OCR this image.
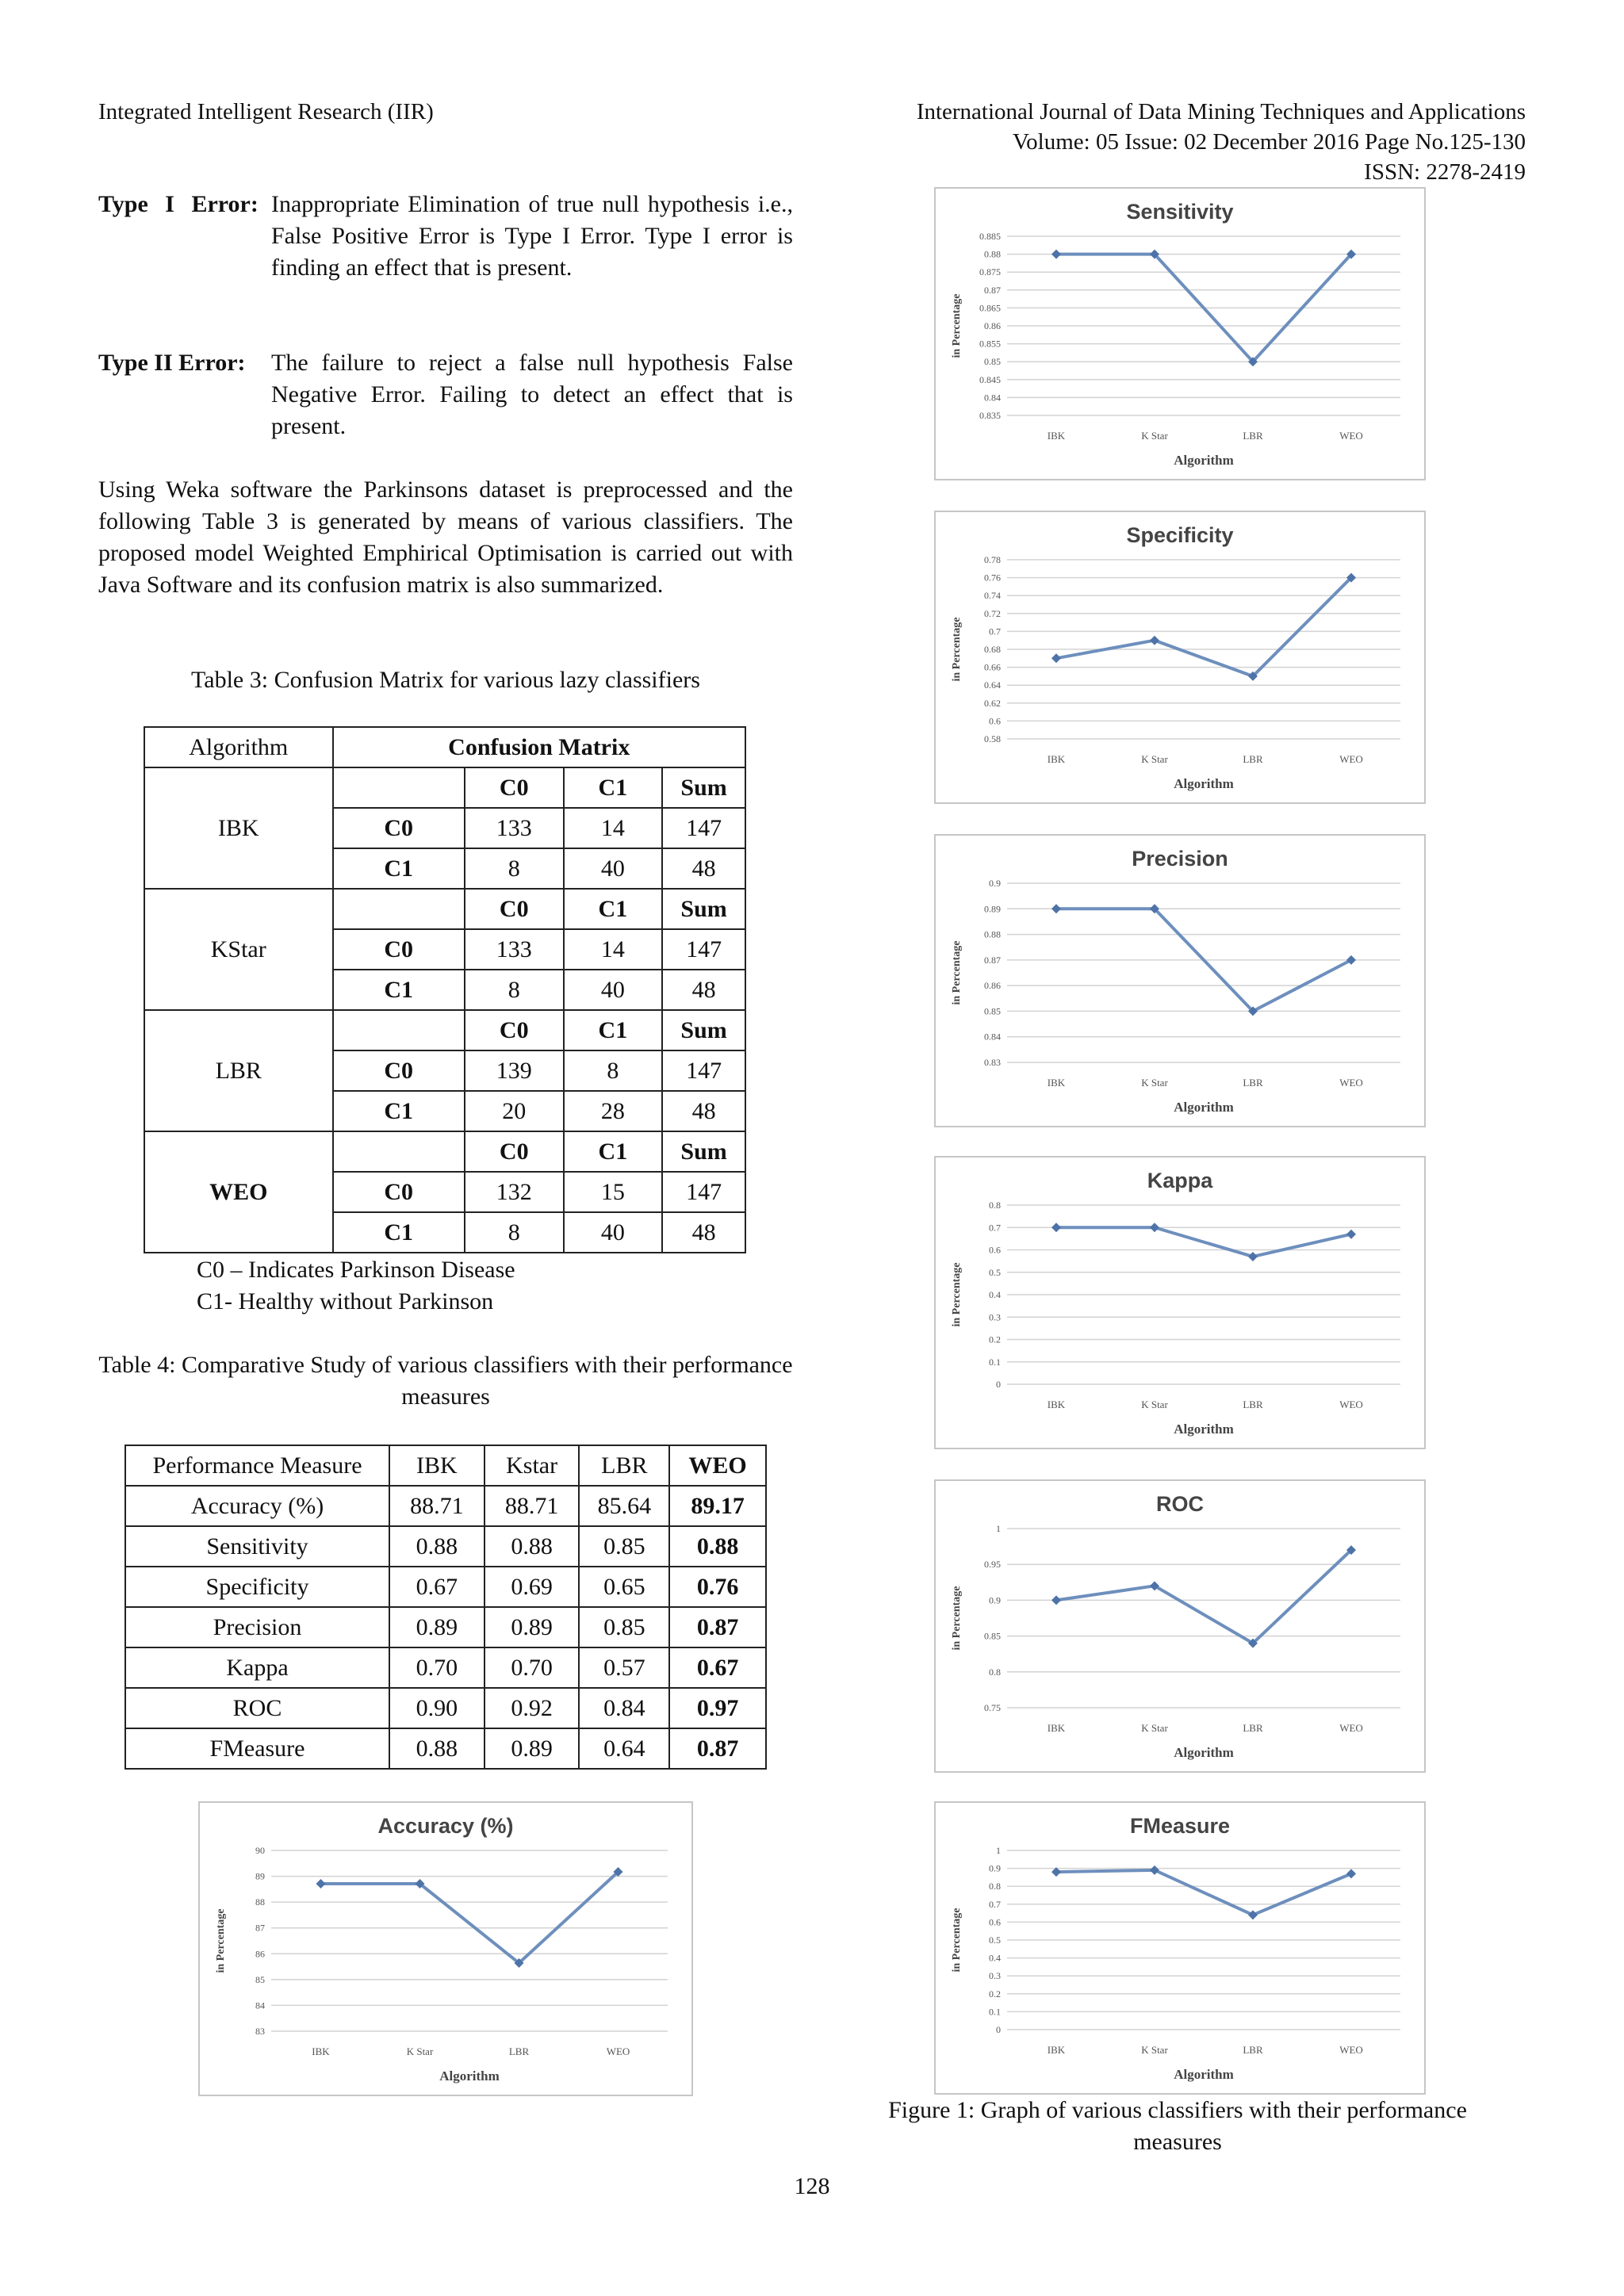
Integrated Intelligent Research (IIR)	International Journal of Data Mining Techniques and Applications
Volume: 05 Issue: 02 December 2016 Page No.125-130
ISSN: 2278-2419
Type I Error: Inappropriate Elimination of true null hypothesis i.e., False Positive Error is Type I Error. Type I error is finding an effect that is present.
Type II Error: The failure to reject a false null hypothesis False Negative Error. Failing to detect an effect that is present.
Using Weka software the Parkinsons dataset is preprocessed and the following Table 3 is generated by means of various classifiers. The proposed model Weighted Emphirical Optimisation is carried out with Java Software and its confusion matrix is also summarized.
Table 3: Confusion Matrix for various lazy classifiers
Algorithm	Confusion Matrix			
IBK		C0	C1	Sum
	C0	133	14	147
	C1	8	40	48
KStar		C0	C1	Sum
	C0	133	14	147
	C1	8	40	48
LBR		C0	C1	Sum
	C0	139	8	147
	C1	20	28	48
WEO		C0	C1	Sum
	C0	132	15	147
	C1	8	40	48
C0 – Indicates Parkinson Disease
C1- Healthy without Parkinson
Table 4: Comparative Study of various classifiers with their performance measures
Performance Measure	IBK	Kstar	LBR	WEO
Accuracy (%)	88.71	88.71	85.64	89.17
Sensitivity	0.88	0.88	0.85	0.88
Specificity	0.67	0.69	0.65	0.76
Precision	0.89	0.89	0.85	0.87
Kappa	0.70	0.70	0.57	0.67
ROC	0.90	0.92	0.84	0.97
FMeasure	0.88	0.89	0.64	0.87
Sensitivity
0.835
0.84
0.845
0.85
0.855
0.86
0.865
0.87
0.875
0.88
0.885
in Percentage
IBK	K Star	LBR	WEO
Algorithm
Specificity
0.58
0.6
0.62
0.64
0.66
0.68
0.7
0.72
0.74
0.76
0.78
in Percentage
IBK	K Star	LBR	WEO
Algorithm
Precision
0.83
0.84
0.85
0.86
0.87
0.88
0.89
0.9
in Percentage
IBK	K Star	LBR	WEO
Algorithm
Kappa
0
0.1
0.2
0.3
0.4
0.5
0.6
0.7
0.8
in Percentage
IBK	K Star	LBR	WEO
Algorithm
ROC
0.75
0.8
0.85
0.9
0.95
1
in Percentage
IBK	K Star	LBR	WEO
Algorithm
FMeasure
0
0.1
0.2
0.3
0.4
0.5
0.6
0.7
0.8
0.9
1
in Percentage
IBK	K Star	LBR	WEO
Algorithm
Accuracy (%)
83
84
85
86
87
88
89
90
in Percentage
IBK	K Star	LBR	WEO
Algorithm
Figure 1: Graph of various classifiers with their performance
measures
128
